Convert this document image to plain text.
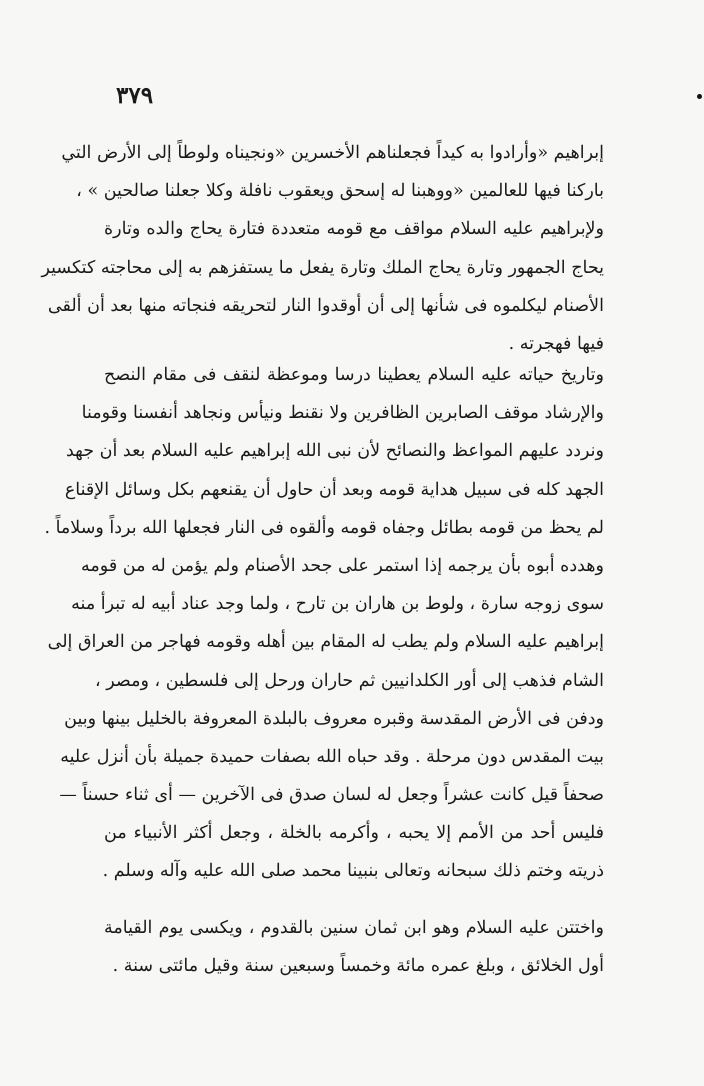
٣٧٩
إبراهيم «وأرادوا به كيداً فجعلناهم الأخسرين «ونجيناه ولوطاً إلى الأرض التي
باركنا فيها للعالمين «ووهبنا له إسحق ويعقوب نافلة وكلا جعلنا صالحين » ،
ولإبراهيم عليه السلام مواقف مع قومه متعددة فتارة يحاج والده وتارة
يحاج الجمهور وتارة يحاج الملك وتارة يفعل ما يستفزهم به إلى محاجته كتكسير
الأصنام ليكلموه فى شأنها إلى أن أوقدوا النار لتحريقه فنجاته منها بعد أن ألقى
فيها فهجرته .
وتاريخ حياته عليه السلام يعطينا درسا وموعظة لنقف فى مقام النصح
والإرشاد موقف الصابرين الظافرين ولا نقنط ونيأس ونجاهد أنفسنا وقومنا
ونردد عليهم المواعظ والنصائح لأن نبى الله إبراهيم عليه السلام بعد أن جهد
الجهد كله فى سبيل هداية قومه وبعد أن حاول أن يقنعهم بكل وسائل الإقناع
لم يحظ من قومه بطائل وجفاه قومه وألقوه فى النار فجعلها الله برداً وسلاماً .
وهدده أبوه بأن يرجمه إذا استمر على جحد الأصنام ولم يؤمن له من قومه
سوى زوجه سارة ، ولوط بن هاران بن تارح ، ولما وجد عناد أبيه له تبرأ منه
إبراهيم عليه السلام ولم يطب له المقام بين أهله وقومه فهاجر من العراق إلى
الشام فذهب إلى أور الكلدانيين ثم حاران ورحل إلى فلسطين ، ومصر ،
ودفن فى الأرض المقدسة وقبره معروف بالبلدة المعروفة بالخليل بينها وبين
بيت المقدس دون مرحلة . وقد حباه الله بصفات حميدة جميلة بأن أنزل عليه
صحفاً قيل كانت عشراً وجعل له لسان صدق فى الآخرين — أى ثناء حسناً —
فليس أحد من الأمم إلا يحبه ، وأكرمه بالخلة ، وجعل أكثر الأنبياء من
ذريته وختم ذلك سبحانه وتعالى بنبينا محمد صلى الله عليه وآله وسلم .
واختتن عليه السلام وهو ابن ثمان سنين بالقدوم ، ويكسى يوم القيامة
أول الخلائق ، وبلغ عمره مائة وخمساً وسبعين سنة وقيل مائتى سنة .
